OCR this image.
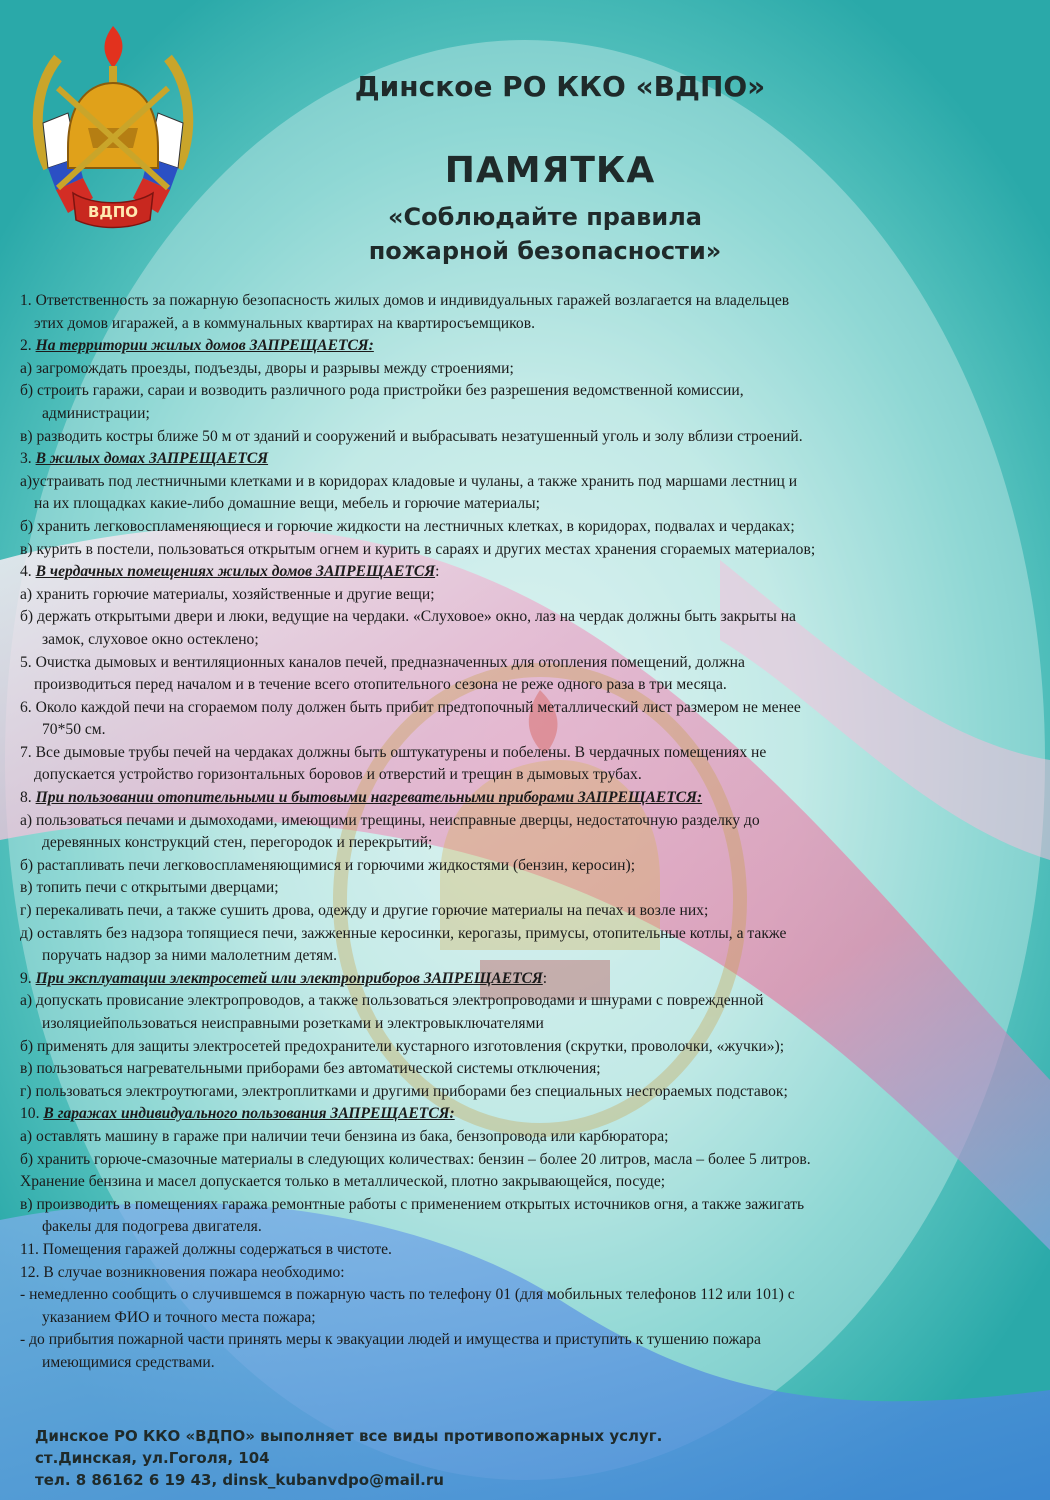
ВДПО
Динское РО ККО «ВДПО»
ПАМЯТКА
«Соблюдайте правила
пожарной безопасности»
1. Ответственность за пожарную безопасность жилых домов и индивидуальных гаражей возлагается на владельцев
этих домов игаражей, а в коммунальных квартирах на квартиросъемщиков.
2. На территории жилых домов ЗАПРЕЩАЕТСЯ:
а) загромождать проезды, подъезды, дворы и разрывы между строениями;
б) строить гаражи, сараи и возводить различного рода пристройки без разрешения ведомственной комиссии,
администрации;
в) разводить костры ближе 50 м от зданий и сооружений и выбрасывать незатушенный уголь и золу вблизи строений.
3. В жилых домах ЗАПРЕЩАЕТСЯ
а)устраивать под лестничными клетками и в коридорах кладовые и чуланы, а также хранить под маршами лестниц и
на их площадках какие-либо домашние вещи, мебель и горючие материалы;
б) хранить легковоспламеняющиеся и горючие жидкости на лестничных клетках, в коридорах, подвалах и чердаках;
в) курить в постели, пользоваться открытым огнем и курить в сараях и других местах хранения сгораемых материалов;
4. В чердачных помещениях жилых домов ЗАПРЕЩАЕТСЯ:
а) хранить горючие материалы, хозяйственные и другие вещи;
б) держать открытыми двери и люки, ведущие на чердаки. «Слуховое» окно, лаз на чердак должны быть закрыты на
замок, слуховое окно остеклено;
5. Очистка дымовых и вентиляционных каналов печей, предназначенных для отопления помещений, должна
производиться перед началом и в течение всего отопительного сезона не реже одного раза в три месяца.
6. Около каждой печи на сгораемом полу должен быть прибит предтопочный металлический лист размером не менее
70*50 см.
7. Все дымовые трубы печей на чердаках должны быть оштукатурены и побелены. В чердачных помещениях не
допускается устройство горизонтальных боровов и отверстий и трещин в дымовых трубах.
8. При пользовании отопительными и бытовыми нагревательными приборами ЗАПРЕЩАЕТСЯ:
а) пользоваться печами и дымоходами, имеющими трещины, неисправные дверцы, недостаточную разделку до
деревянных конструкций стен, перегородок и перекрытий;
б) растапливать печи легковоспламеняющимися и горючими жидкостями (бензин, керосин);
в) топить печи с открытыми дверцами;
г) перекаливать печи, а также сушить дрова, одежду и другие горючие материалы на печах и возле них;
д) оставлять без надзора топящиеся печи, зажженные керосинки, керогазы, примусы, отопительные котлы, а также
поручать надзор за ними малолетним детям.
9. При эксплуатации электросетей или электроприборов ЗАПРЕЩАЕТСЯ:
а) допускать провисание электропроводов, а также пользоваться электропроводами и шнурами с поврежденной
изоляциейпользоваться неисправными розетками и электровыключателями
б) применять для защиты электросетей предохранители кустарного изготовления (скрутки, проволочки, «жучки»);
в) пользоваться нагревательными приборами без автоматической системы отключения;
г) пользоваться электроутюгами, электроплитками и другими приборами без специальных несгораемых подставок;
10. В гаражах индивидуального пользования ЗАПРЕЩАЕТСЯ:
а) оставлять машину в гараже при наличии течи бензина из бака, бензопровода или карбюратора;
б) хранить горюче-смазочные материалы в следующих количествах: бензин – более 20 литров, масла – более 5 литров.
Хранение бензина и масел допускается только в металлической, плотно закрывающейся, посуде;
в) производить в помещениях гаража ремонтные работы с применением открытых источников огня, а также зажигать
факелы для подогрева двигателя.
11. Помещения гаражей должны содержаться в чистоте.
12. В случае возникновения пожара необходимо:
- немедленно сообщить о случившемся в пожарную часть по телефону 01 (для мобильных телефонов 112 или 101) с
указанием ФИО и точного места пожара;
- до прибытия пожарной части принять меры к эвакуации людей и имущества и приступить к тушению пожара
имеющимися средствами.
Динское РО ККО «ВДПО» выполняет все виды противопожарных услуг.
ст.Динская, ул.Гоголя, 104
тел. 8 86162 6 19 43, dinsk_kubanvdpo@mail.ru
